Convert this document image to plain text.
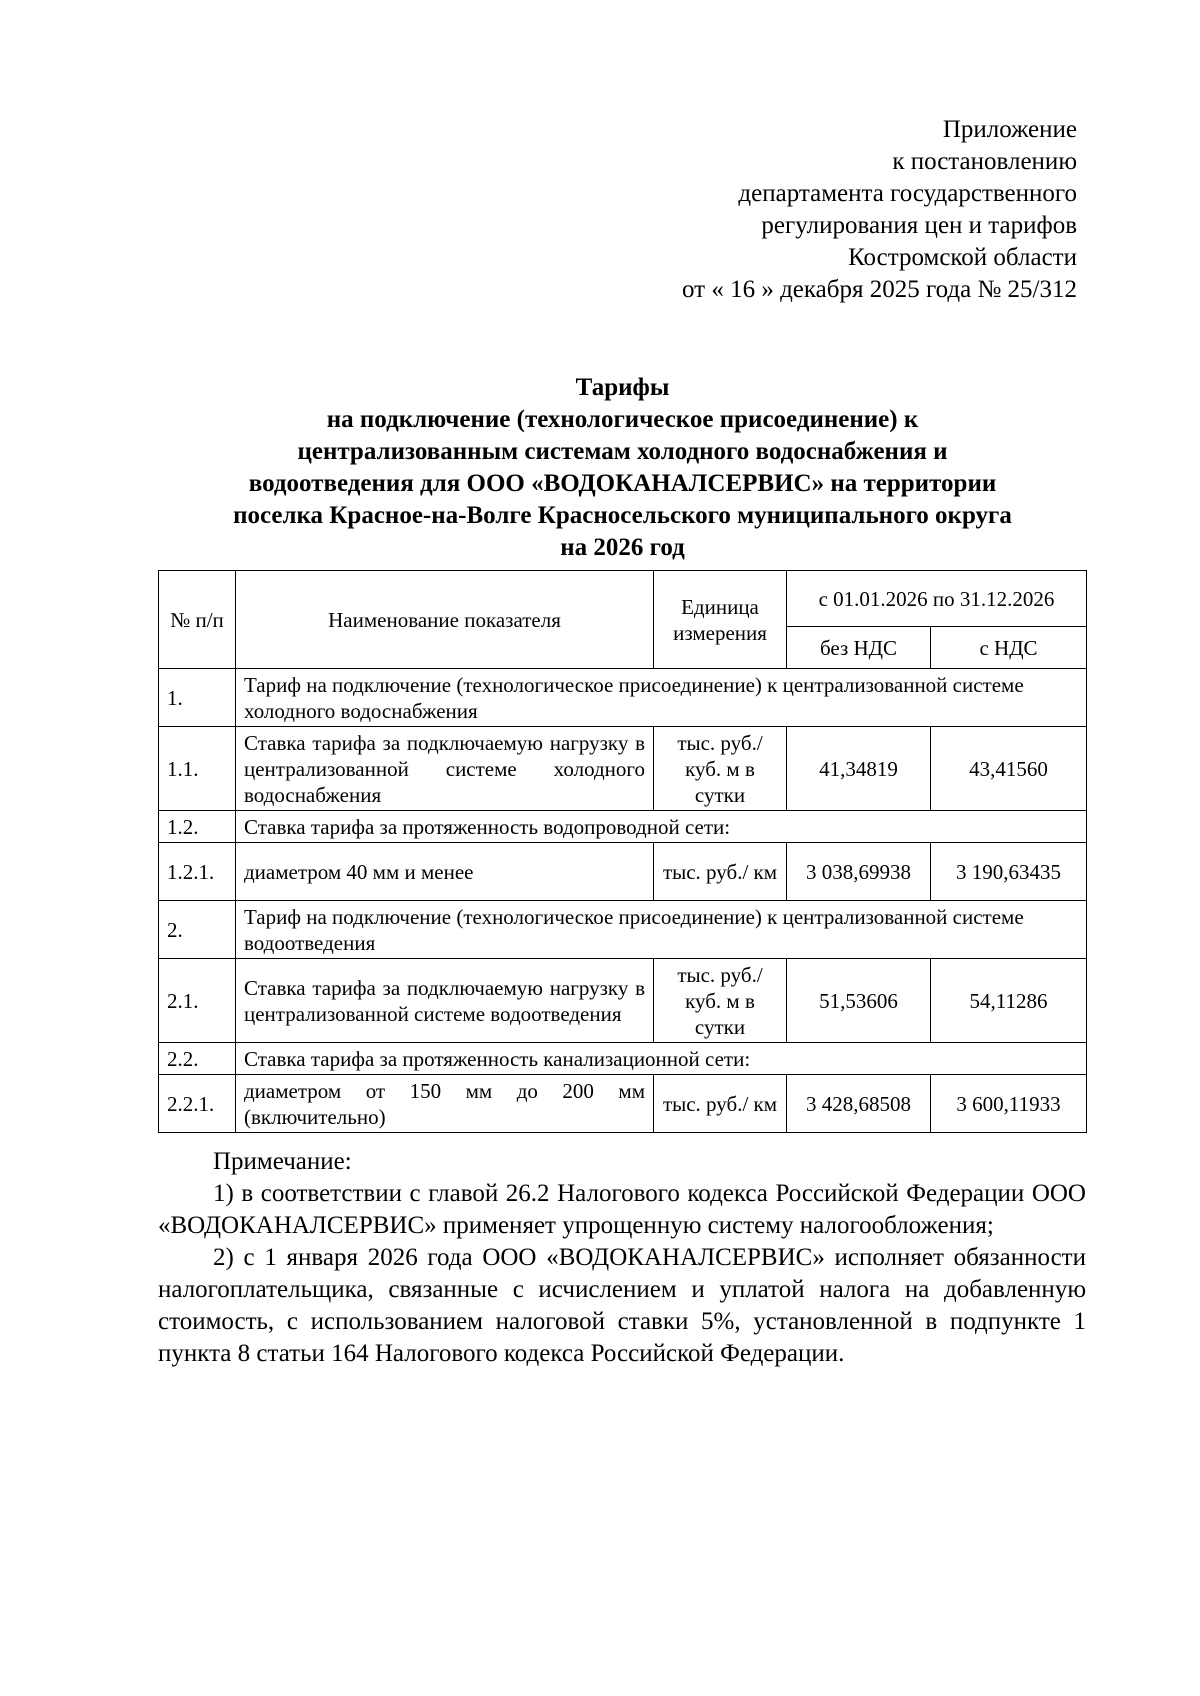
Приложение
к постановлению
департамента государственного
регулирования цен и тарифов
Костромской области
от « 16 » декабря 2025 года № 25/312
Тарифы
на подключение (технологическое присоединение) к
централизованным системам холодного водоснабжения и
водоотведения для ООО «ВОДОКАНАЛСЕРВИС» на территории
поселка Красное-на-Волге Красносельского муниципального округа
на 2026 год
№ п/п	Наименование показателя	Единица измерения	с 01.01.2026 по 31.12.2026	
			без НДС	с НДС
1.	Тариф на подключение (технологическое присоединение) к централизованной системе холодного водоснабжения			
1.1.	Ставка тарифа за подключаемую нагрузку в централизованной системе холодного водоснабжения	тыс. руб./ куб. м в сутки	41,34819	43,41560
1.2.	Ставка тарифа за протяженность водопроводной сети:			
1.2.1.	диаметром 40 мм и менее	тыс. руб./ км	3 038,69938	3 190,63435
2.	Тариф на подключение (технологическое присоединение) к централизованной системе водоотведения			
2.1.	Ставка тарифа за подключаемую нагрузку в централизованной системе водоотведения	тыс. руб./ куб. м в сутки	51,53606	54,11286
2.2.	Ставка тарифа за протяженность канализационной сети:			
2.2.1.	диаметром от 150 мм до 200 мм (включительно)	тыс. руб./ км	3 428,68508	3 600,11933

Примечание:

1) в соответствии с главой 26.2 Налогового кодекса Российской Федерации ООО «ВОДОКАНАЛСЕРВИС» применяет упрощенную систему налогообложения;

2) с 1 января 2026 года ООО «ВОДОКАНАЛСЕРВИС» исполняет обязанности налогоплательщика, связанные с исчислением и уплатой налога на добавленную стоимость, с использованием налоговой ставки 5%, установленной в подпункте 1 пункта 8 статьи 164 Налогового кодекса Российской Федерации.
